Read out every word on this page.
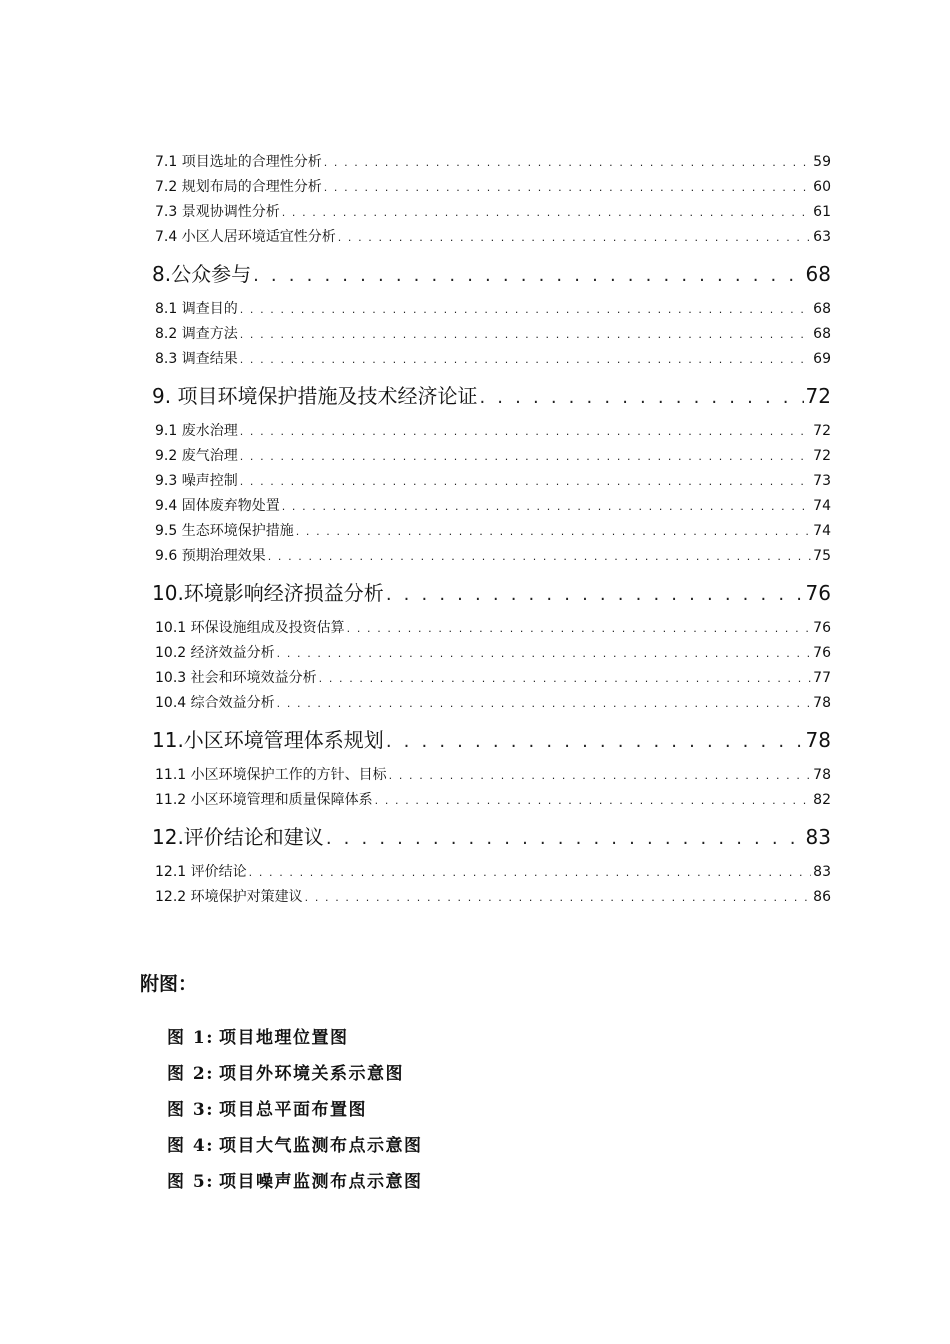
7.1 项目选址的合理性分析 . . .	59
7.2 规划布局的合理性分析 . . .	60
7.3 景观协调性分析 . . .	61
7.4 小区人居环境适宜性分析 . . .	63
8.公众参与 . . .	68
8.1 调查目的 . . .	68
8.2 调查方法 . . .	68
8.3 调查结果 . . .	69
9. 项目环境保护措施及技术经济论证 . . .	72
9.1 废水治理 . . .	72
9.2 废气治理 . . .	72
9.3 噪声控制 . . .	73
9.4 固体废弃物处置 . . .	74
9.5 生态环境保护措施 . . .	74
9.6 预期治理效果 . . .	75
10.环境影响经济损益分析 . . .	76
10.1 环保设施组成及投资估算 . . .	76
10.2 经济效益分析 . . .	76
10.3 社会和环境效益分析 . . .	77
10.4 综合效益分析 . . .	78
11.小区环境管理体系规划 . . .	78
11.1 小区环境保护工作的方针、目标 . . .	78
11.2 小区环境管理和质量保障体系 . . .	82
12.评价结论和建议 . . .	83
12.1 评价结论 . . .	83
12.2 环境保护对策建议 . . .	86
附图：
图 1: 项目地理位置图
图 2: 项目外环境关系示意图
图 3: 项目总平面布置图
图 4: 项目大气监测布点示意图
图 5: 项目噪声监测布点示意图
